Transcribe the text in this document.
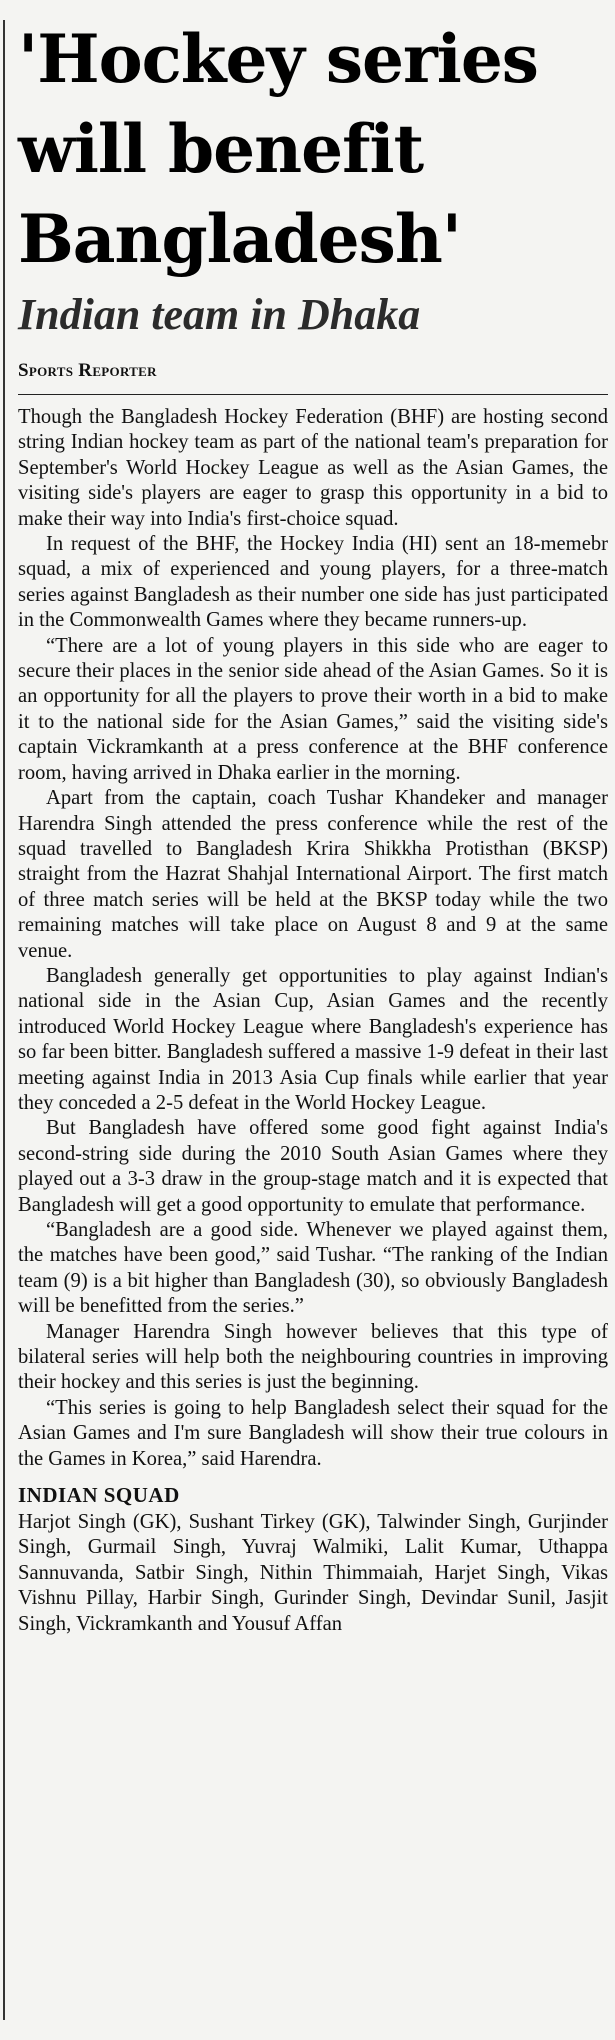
'Hockey series will benefit Bangladesh'
Indian team in Dhaka
Sports Reporter

Though the Bangladesh Hockey Federation (BHF) are hosting second string Indian hockey team as part of the national team's preparation for September's World Hockey League as well as the Asian Games, the visiting side's players are eager to grasp this opportunity in a bid to make their way into India's first-choice squad.

In request of the BHF, the Hockey India (HI) sent an 18-memebr squad, a mix of experienced and young players, for a three-match series against Bangladesh as their number one side has just participated in the Commonwealth Games where they became runners-up.

“There are a lot of young players in this side who are eager to secure their places in the senior side ahead of the Asian Games. So it is an opportunity for all the players to prove their worth in a bid to make it to the national side for the Asian Games,” said the visiting side's captain Vickramkanth at a press conference at the BHF conference room, having arrived in Dhaka earlier in the morning.

Apart from the captain, coach Tushar Khandeker and manager Harendra Singh attended the press conference while the rest of the squad travelled to Bangladesh Krira Shikkha Protisthan (BKSP) straight from the Hazrat Shahjal International Airport. The first match of three match series will be held at the BKSP today while the two remaining matches will take place on August 8 and 9 at the same venue.

Bangladesh generally get opportunities to play against Indian's national side in the Asian Cup, Asian Games and the recently introduced World Hockey League where Bangladesh's experience has so far been bitter. Bangladesh suffered a massive 1-9 defeat in their last meeting against India in 2013 Asia Cup finals while earlier that year they conceded a 2-5 defeat in the World Hockey League.

But Bangladesh have offered some good fight against India's second-string side during the 2010 South Asian Games where they played out a 3-3 draw in the group-stage match and it is expected that Bangladesh will get a good opportunity to emulate that performance.

“Bangladesh are a good side. Whenever we played against them, the matches have been good,” said Tushar. “The ranking of the Indian team (9) is a bit higher than Bangladesh (30), so obviously Bangladesh will be benefitted from the series.”

Manager Harendra Singh however believes that this type of bilateral series will help both the neighbouring countries in improving their hockey and this series is just the beginning.

“This series is going to help Bangladesh select their squad for the Asian Games and I'm sure Bangladesh will show their true colours in the Games in Korea,” said Harendra.

INDIAN SQUAD

Harjot Singh (GK), Sushant Tirkey (GK), Talwinder Singh, Gurjinder Singh, Gurmail Singh, Yuvraj Walmiki, Lalit Kumar, Uthappa Sannuvanda, Satbir Singh, Nithin Thimmaiah, Harjet Singh, Vikas Vishnu Pillay, Harbir Singh, Gurinder Singh, Devindar Sunil, Jasjit Singh, Vickramkanth and Yousuf Affan
